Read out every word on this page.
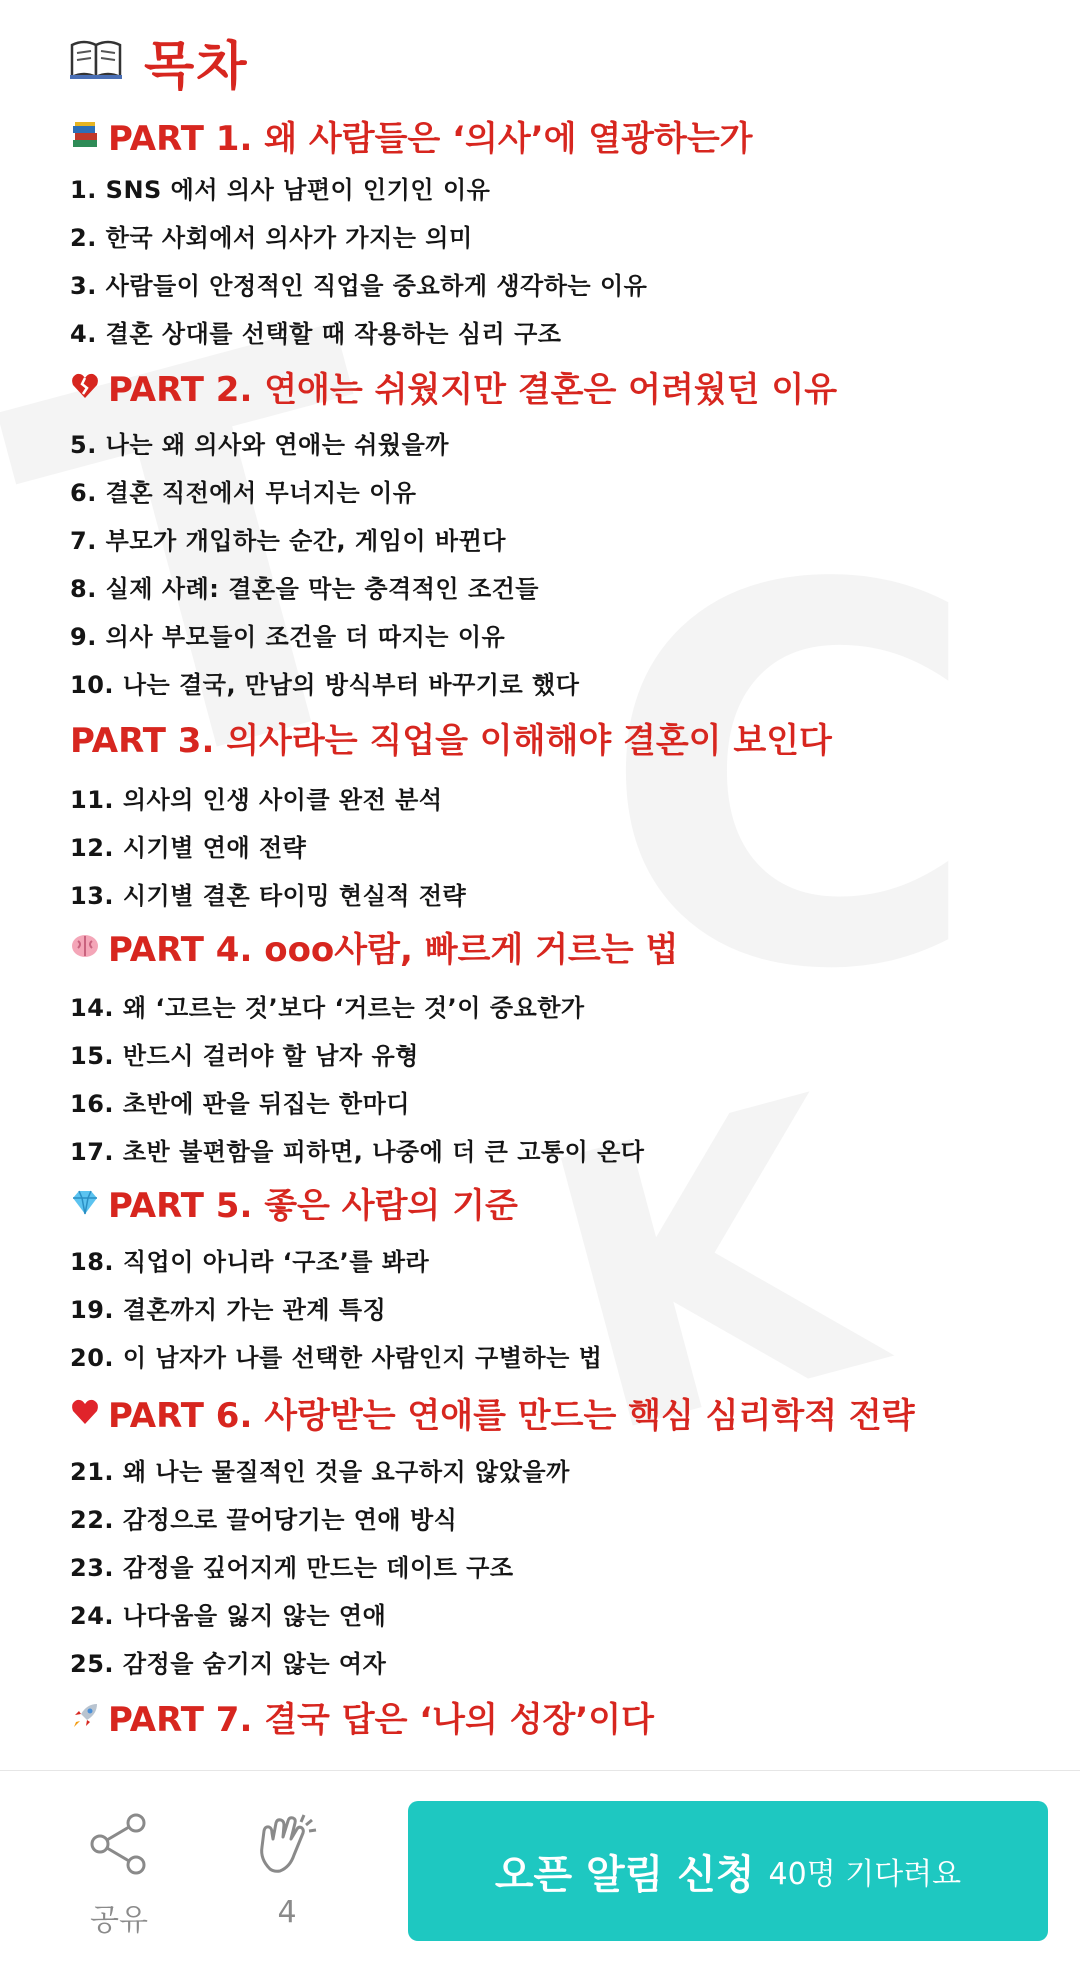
목차
PART 1. 왜 사람들은 ‘의사’에 열광하는가
1. SNS 에서 의사 남편이 인기인 이유
2. 한국 사회에서 의사가 가지는 의미
3. 사람들이 안정적인 직업을 중요하게 생각하는 이유
4. 결혼 상대를 선택할 때 작용하는 심리 구조
PART 2. 연애는 쉬웠지만 결혼은 어려웠던 이유
5. 나는 왜 의사와 연애는 쉬웠을까
6. 결혼 직전에서 무너지는 이유
7. 부모가 개입하는 순간, 게임이 바뀐다
8. 실제 사례: 결혼을 막는 충격적인 조건들
9. 의사 부모들이 조건을 더 따지는 이유
10. 나는 결국, 만남의 방식부터 바꾸기로 했다
PART 3. 의사라는 직업을 이해해야 결혼이 보인다
11. 의사의 인생 사이클 완전 분석
12. 시기별 연애 전략
13. 시기별 결혼 타이밍 현실적 전략
PART 4. ooo사람, 빠르게 거르는 법
14. 왜 ‘고르는 것’보다 ‘거르는 것’이 중요한가
15. 반드시 걸러야 할 남자 유형
16. 초반에 판을 뒤집는 한마디
17. 초반 불편함을 피하면, 나중에 더 큰 고통이 온다
PART 5. 좋은 사람의 기준
18. 직업이 아니라 ‘구조’를 봐라
19. 결혼까지 가는 관계 특징
20. 이 남자가 나를 선택한 사람인지 구별하는 법
PART 6. 사랑받는 연애를 만드는 핵심 심리학적 전략
21. 왜 나는 물질적인 것을 요구하지 않았을까
22. 감정으로 끌어당기는 연애 방식
23. 감정을 깊어지게 만드는 데이트 구조
24. 나다움을 잃지 않는 연애
25. 감정을 숨기지 않는 여자
PART 7. 결국 답은 ‘나의 성장’이다
공유	4
오픈 알림 신청 40명 기다려요
